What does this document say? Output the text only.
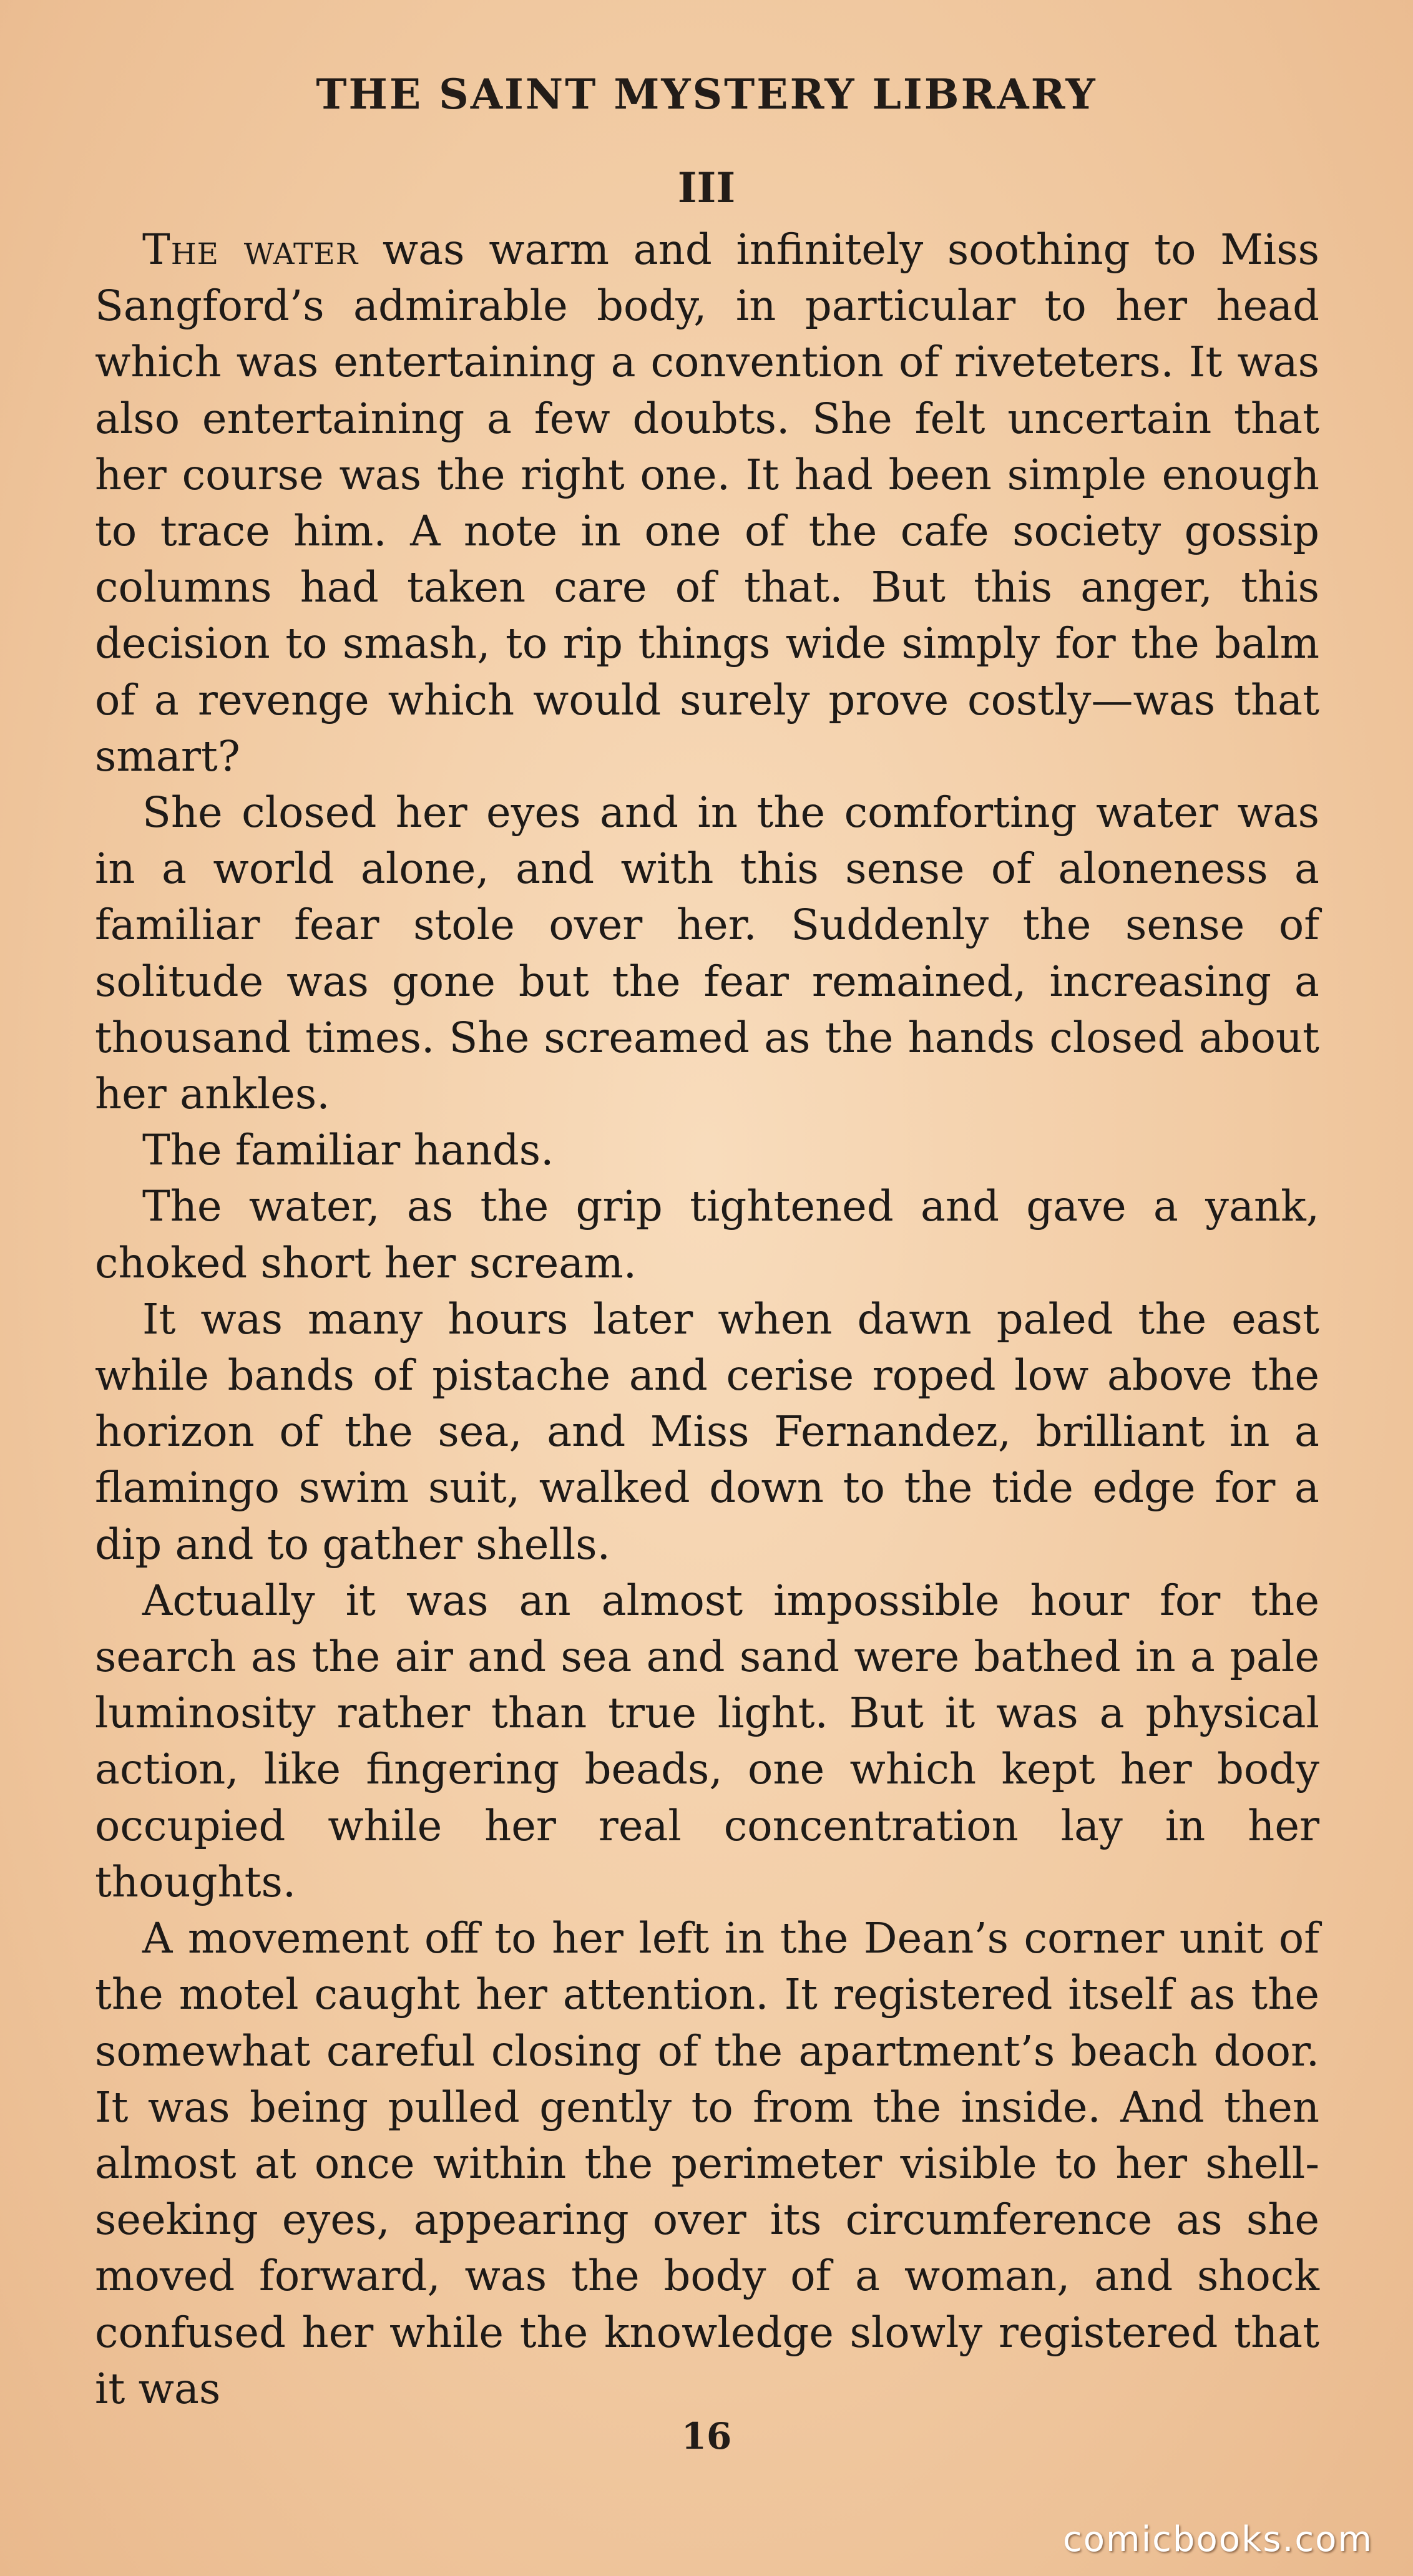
THE SAINT MYSTERY LIBRARY
III

The water was warm and infinitely soothing to Miss Sangford’s admirable body, in particular to her head which was entertaining a convention of riveteters. It was also entertaining a few doubts. She felt uncertain that her course was the right one. It had been simple enough to trace him. A note in one of the cafe society gossip columns had taken care of that. But this anger, this decision to smash, to rip things wide simply for the balm of a revenge which would surely prove costly—was that smart?

She closed her eyes and in the comforting water was in a world alone, and with this sense of aloneness a familiar fear stole over her. Suddenly the sense of solitude was gone but the fear remained, increasing a thousand times. She screamed as the hands closed about her ankles.

The familiar hands.

The water, as the grip tightened and gave a yank, choked short her scream.

It was many hours later when dawn paled the east while bands of pistache and cerise roped low above the horizon of the sea, and Miss Fernandez, brilliant in a flamingo swim suit, walked down to the tide edge for a dip and to gather shells.

Actually it was an almost impossible hour for the search as the air and sea and sand were bathed in a pale luminosity rather than true light. But it was a physical action, like fingering beads, one which kept her body occupied while her real concentration lay in her thoughts.

A movement off to her left in the Dean’s corner unit of the motel caught her attention. It registered itself as the somewhat careful closing of the apartment’s beach door. It was being pulled gently to from the inside. And then almost at once within the perimeter visible to her shell-seeking eyes, appearing over its circumference as she moved forward, was the body of a woman, and shock confused her while the knowledge slowly registered that it was

16
comicbooks.com
